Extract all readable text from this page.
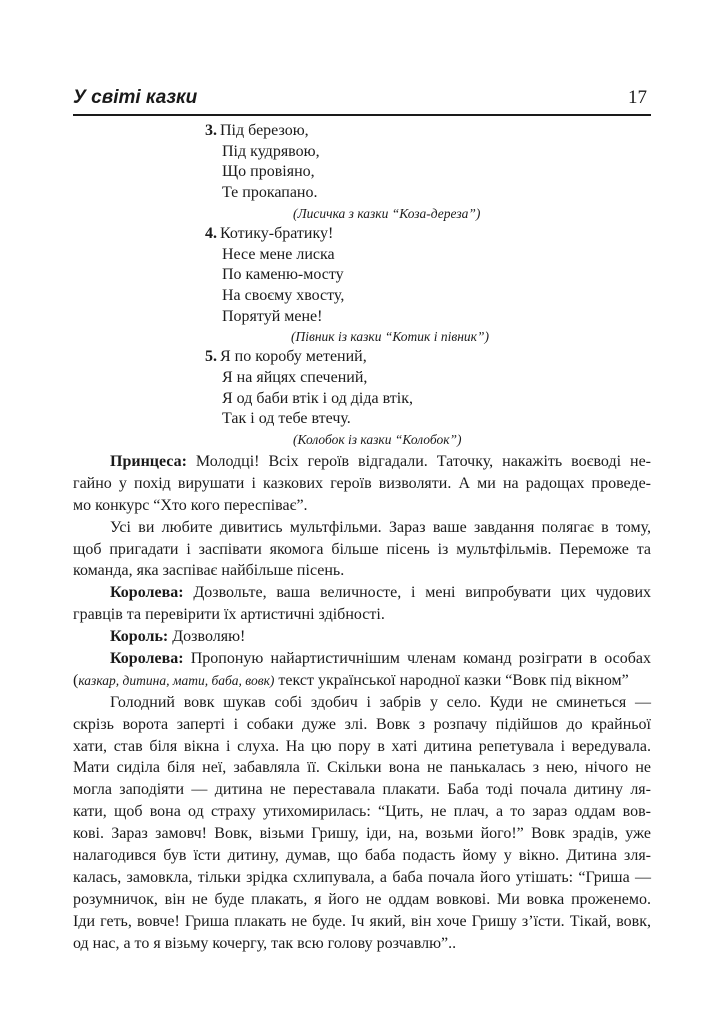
У світі казки	17
3. Під березою,
Під кудрявою,
Що провіяно,
Те прокапано.
(Лисичка з казки “Коза-дереза”)
4. Котику-братику!
Несе мене лиска
По каменю-мосту
На своєму хвосту,
Порятуй мене!
(Півник із казки “Котик і півник”)
5. Я по коробу метений,
Я на яйцях спечений,
Я од баби втік і од діда втік,
Так і од тебе втечу.
(Колобок із казки “Колобок”)
Принцеса: Молодці! Всіх героїв відгадали. Таточку, накажіть воєводі не-
гайно у похід вирушати і казкових героїв визволяти. А ми на радощах проведе-
мо конкурс “Хто кого переспіває”.
Усі ви любите дивитись мультфільми. Зараз ваше завдання полягає в тому,
щоб пригадати і заспівати якомога більше пісень із мультфільмів. Переможе та
команда, яка заспіває найбільше пісень.
Королева: Дозвольте, ваша величносте, і мені випробувати цих чудових
гравців та перевірити їх артистичні здібності.
Король: Дозволяю!
Королева: Пропоную найартистичнішим членам команд розіграти в особах
(казкар, дитина, мати, баба, вовк) текст української народної казки “Вовк під вікном”
Голодний вовк шукав собі здобич і забрів у село. Куди не сминеться —
скрізь ворота заперті і собаки дуже злі. Вовк з розпачу підійшов до крайньої
хати, став біля вікна і слуха. На цю пору в хаті дитина репетувала і вередувала.
Мати сиділа біля неї, забавляла її. Скільки вона не панькалась з нею, нічого не
могла заподіяти — дитина не переставала плакати. Баба тоді почала дитину ля-
кати, щоб вона од страху утихомирилась: “Цить, не плач, а то зараз оддам вов-
кові. Зараз замовч! Вовк, візьми Гришу, іди, на, возьми його!” Вовк зрадів, уже
налагодився був їсти дитину, думав, що баба подасть йому у вікно. Дитина зля-
калась, замовкла, тільки зрідка схлипувала, а баба почала його утішать: “Гриша —
розумничок, він не буде плакать, я його не оддам вовкові. Ми вовка проженемо.
Іди геть, вовче! Гриша плакать не буде. Іч який, він хоче Гришу з’їсти. Тікай, вовк,
од нас, а то я візьму кочергу, так всю голову розчавлю”..
